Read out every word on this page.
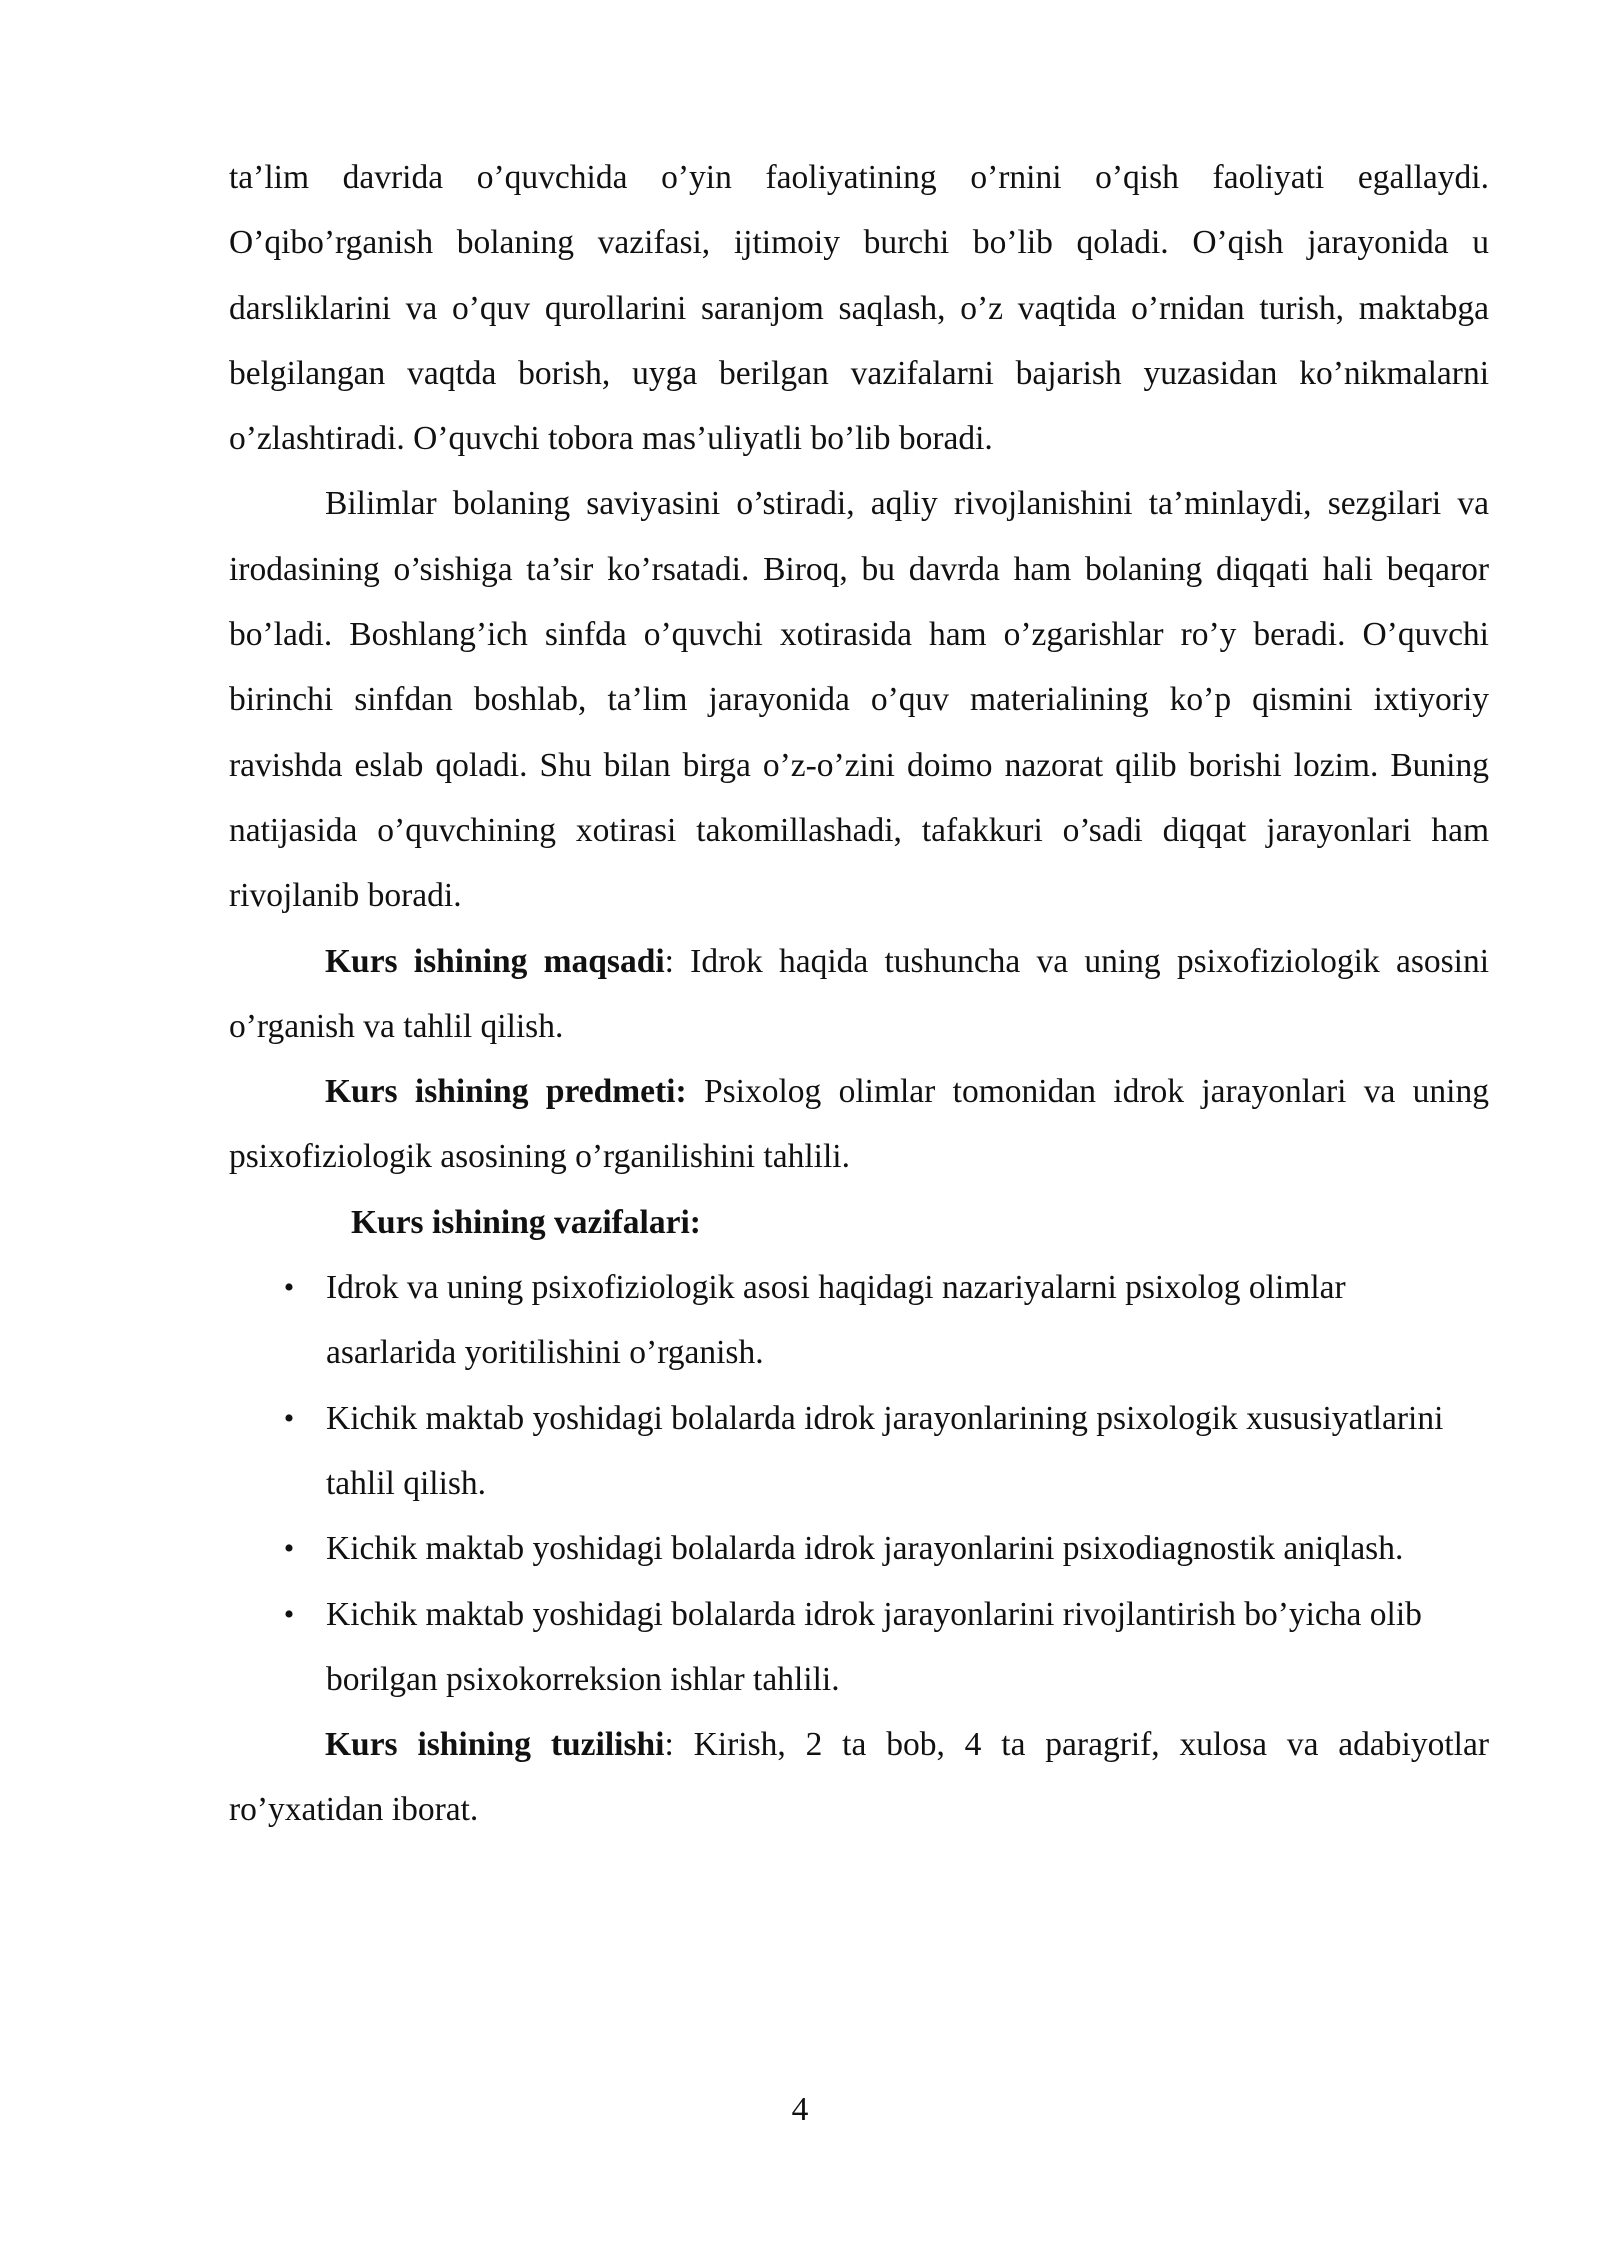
ta’lim davrida o’quvchida o’yin faoliyatining o’rnini o’qish faoliyati egallaydi. O’qibo’rganish bolaning vazifasi, ijtimoiy burchi bo’lib qoladi. O’qish jarayonida u darsliklarini va o’quv qurollarini saranjom saqlash, o’z vaqtida o’rnidan turish, maktabga belgilangan vaqtda borish, uyga berilgan vazifalarni bajarish yuzasidan ko’nikmalarni o’zlashtiradi. O’quvchi tobora mas’uliyatli bo’lib boradi.

Bilimlar bolaning saviyasini o’stiradi, aqliy rivojlanishini ta’minlaydi, sezgilari va irodasining o’sishiga ta’sir ko’rsatadi. Biroq, bu davrda ham bolaning diqqati hali beqaror bo’ladi. Boshlang’ich sinfda o’quvchi xotirasida ham o’zgarishlar ro’y beradi. O’quvchi birinchi sinfdan boshlab, ta’lim jarayonida o’quv materialining ko’p qismini ixtiyoriy ravishda eslab qoladi. Shu bilan birga o’z-o’zini doimo nazorat qilib borishi lozim. Buning natijasida o’quvchining xotirasi takomillashadi, tafakkuri o’sadi diqqat jarayonlari ham rivojlanib boradi.

Kurs ishining maqsadi: Idrok haqida tushuncha va uning psixofiziologik asosini o’rganish va tahlil qilish.

Kurs ishining predmeti: Psixolog olimlar tomonidan idrok jarayonlari va uning psixofiziologik asosining o’rganilishini tahlili.

Kurs ishining vazifalari:

• Idrok va uning psixofiziologik asosi haqidagi nazariyalarni psixolog olimlar asarlarida yoritilishini o’rganish.
• Kichik maktab yoshidagi bolalarda idrok jarayonlarining psixologik xususiyatlarini tahlil qilish.
• Kichik maktab yoshidagi bolalarda idrok jarayonlarini psixodiagnostik aniqlash.
• Kichik maktab yoshidagi bolalarda idrok jarayonlarini rivojlantirish bo’yicha olib borilgan psixokorreksion ishlar tahlili.

Kurs ishining tuzilishi: Kirish, 2 ta bob, 4 ta paragrif, xulosa va adabiyotlar ro’yxatidan iborat.

4
